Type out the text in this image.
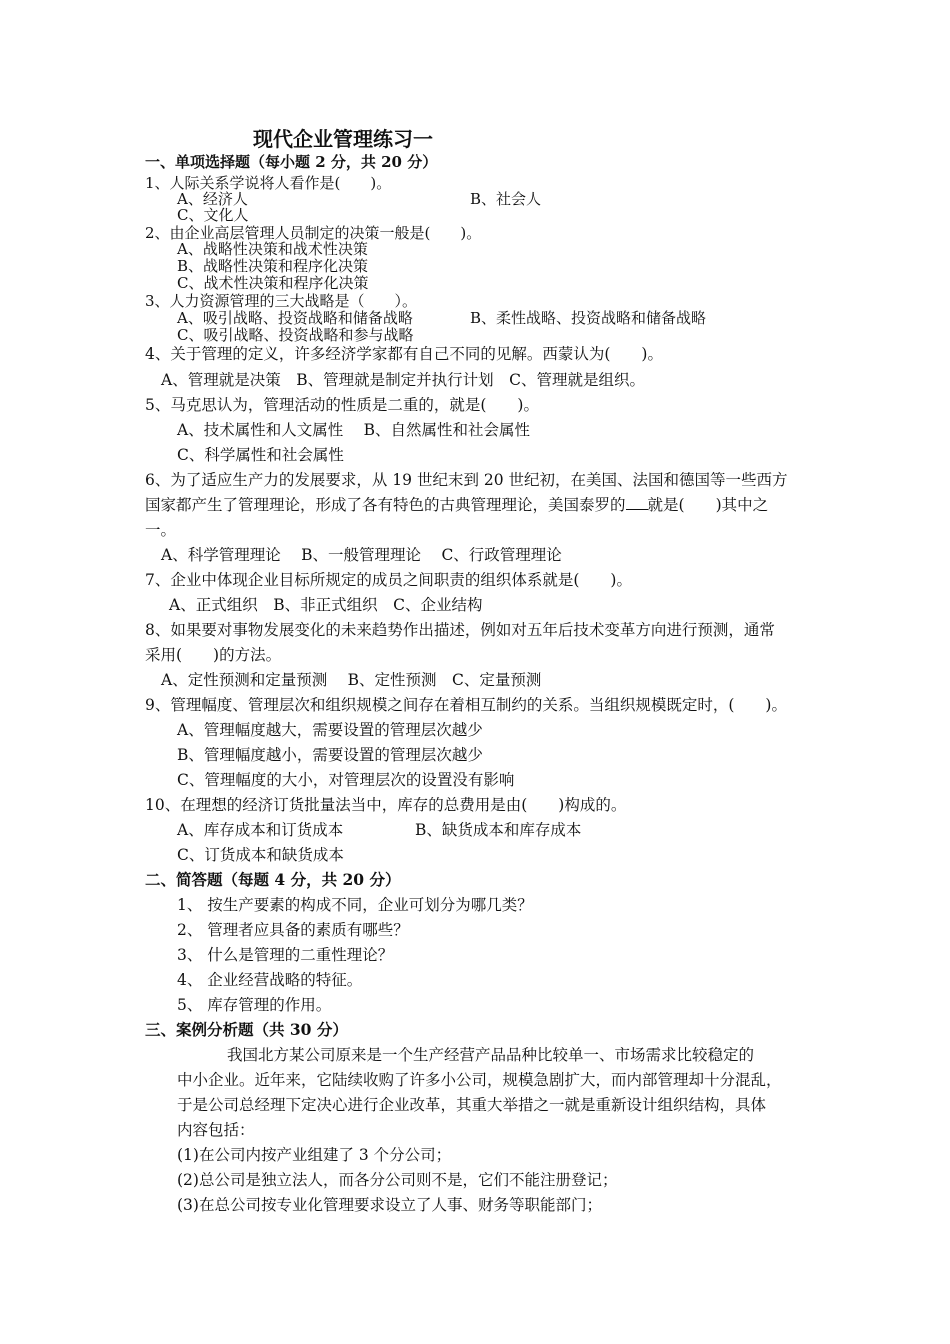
现代企业管理练习一
一、单项选择题（每小题 2 分，共 20 分）
1、人际关系学说将人看作是(　　)。
A、经济人	B、社会人
C、文化人
2、由企业高层管理人员制定的决策一般是(　　)。
A、战略性决策和战术性决策
B、战略性决策和程序化决策
C、战术性决策和程序化决策
3、人力资源管理的三大战略是（　　）。
A、吸引战略、投资战略和储备战略	B、柔性战略、投资战略和储备战略
C、吸引战略、投资战略和参与战略
4、关于管理的定义，许多经济学家都有自己不同的见解。西蒙认为(　　)。
A、管理就是决策　B、管理就是制定并执行计划　C、管理就是组织。
5、马克思认为，管理活动的性质是二重的，就是(　　)。
A、技术属性和人文属性　 B、自然属性和社会属性
C、科学属性和社会属性
6、为了适应生产力的发展要求，从 19 世纪末到 20 世纪初，在美国、法国和德国等一些西方
国家都产生了管理理论，形成了各有特色的古典管理理论，美国泰罗的 就是(　　)其中之
一。
A、科学管理理论　 B、一般管理理论　 C、行政管理理论
7、企业中体现企业目标所规定的成员之间职责的组织体系就是(　　)。
A、正式组织　B、非正式组织　C、企业结构
8、如果要对事物发展变化的未来趋势作出描述，例如对五年后技术变革方向进行预测，通常
采用(　　)的方法。
A、定性预测和定量预测　 B、定性预测　C、定量预测
9、管理幅度、管理层次和组织规模之间存在着相互制约的关系。当组织规模既定时，(　　)。
A、管理幅度越大，需要设置的管理层次越少
B、管理幅度越小，需要设置的管理层次越少
C、管理幅度的大小，对管理层次的设置没有影响
10、在理想的经济订货批量法当中，库存的总费用是由(　　)构成的。
A、库存成本和订货成本	B、缺货成本和库存成本
C、订货成本和缺货成本
二、简答题（每题 4 分，共 20 分）
1、 按生产要素的构成不同，企业可划分为哪几类？
2、 管理者应具备的素质有哪些？
3、 什么是管理的二重性理论？
4、 企业经营战略的特征。
5、 库存管理的作用。
三、案例分析题（共 30 分）
我国北方某公司原来是一个生产经营产品品种比较单一、市场需求比较稳定的
中小企业。近年来，它陆续收购了许多小公司，规模急剧扩大，而内部管理却十分混乱，
于是公司总经理下定决心进行企业改革，其重大举措之一就是重新设计组织结构，具体
内容包括：
(1)在公司内按产业组建了 3 个分公司；
(2)总公司是独立法人，而各分公司则不是，它们不能注册登记；
(3)在总公司按专业化管理要求设立了人事、财务等职能部门；
